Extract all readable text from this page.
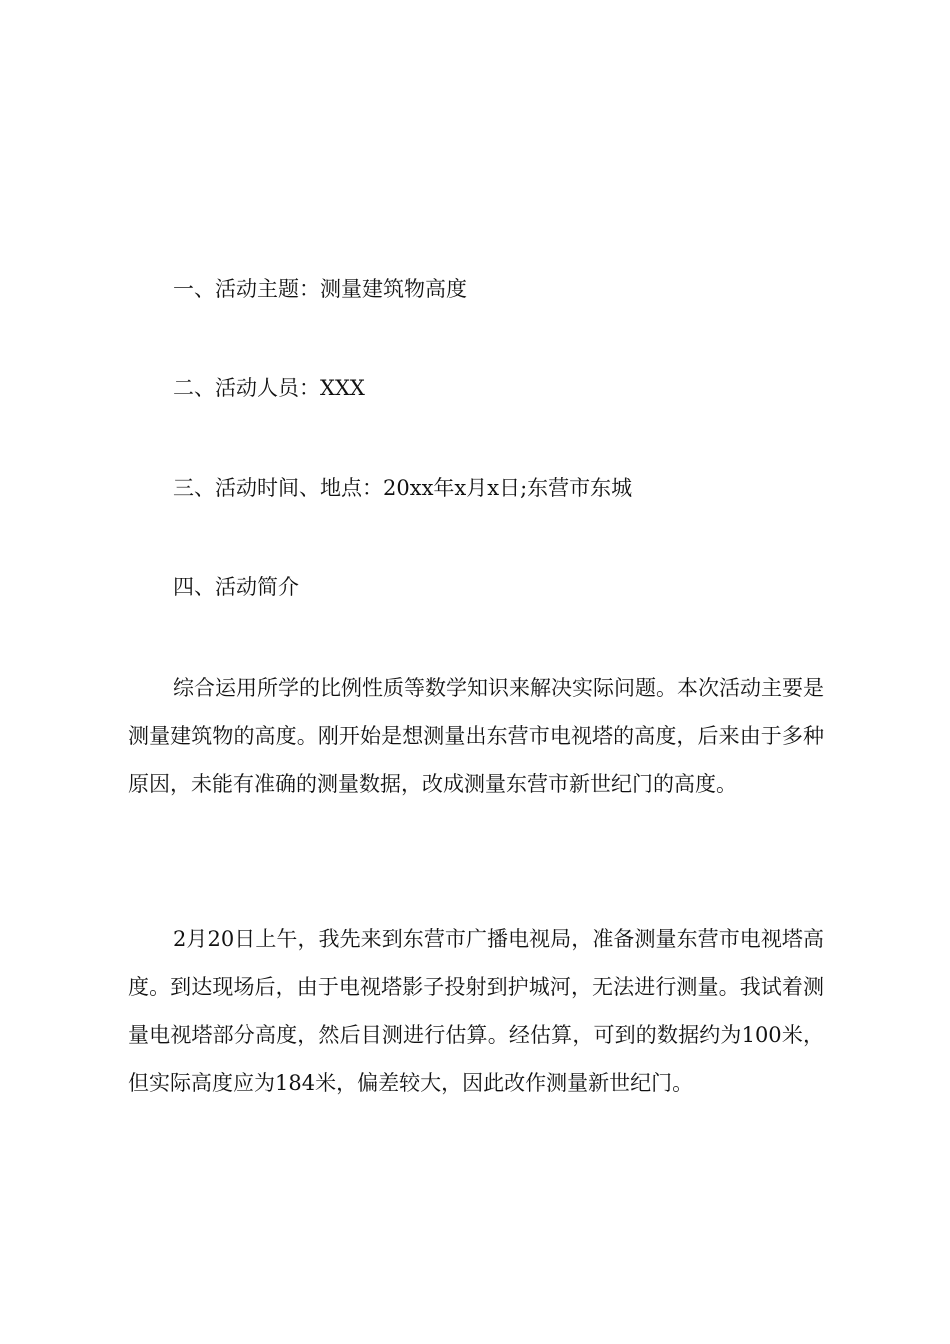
一、活动主题：测量建筑物高度

二、活动人员：XXX

三、活动时间、地点：20xx年x月x日;东营市东城

四、活动简介

综合运用所学的比例性质等数学知识来解决实际问题。本次活动主要是测量建筑物的高度。刚开始是想测量出东营市电视塔的高度，后来由于多种原因，未能有准确的测量数据，改成测量东营市新世纪门的高度。

2月20日上午，我先来到东营市广播电视局，准备测量东营市电视塔高度。到达现场后，由于电视塔影子投射到护城河，无法进行测量。我试着测量电视塔部分高度，然后目测进行估算。经估算，可到的数据约为100米，但实际高度应为184米，偏差较大，因此改作测量新世纪门。
